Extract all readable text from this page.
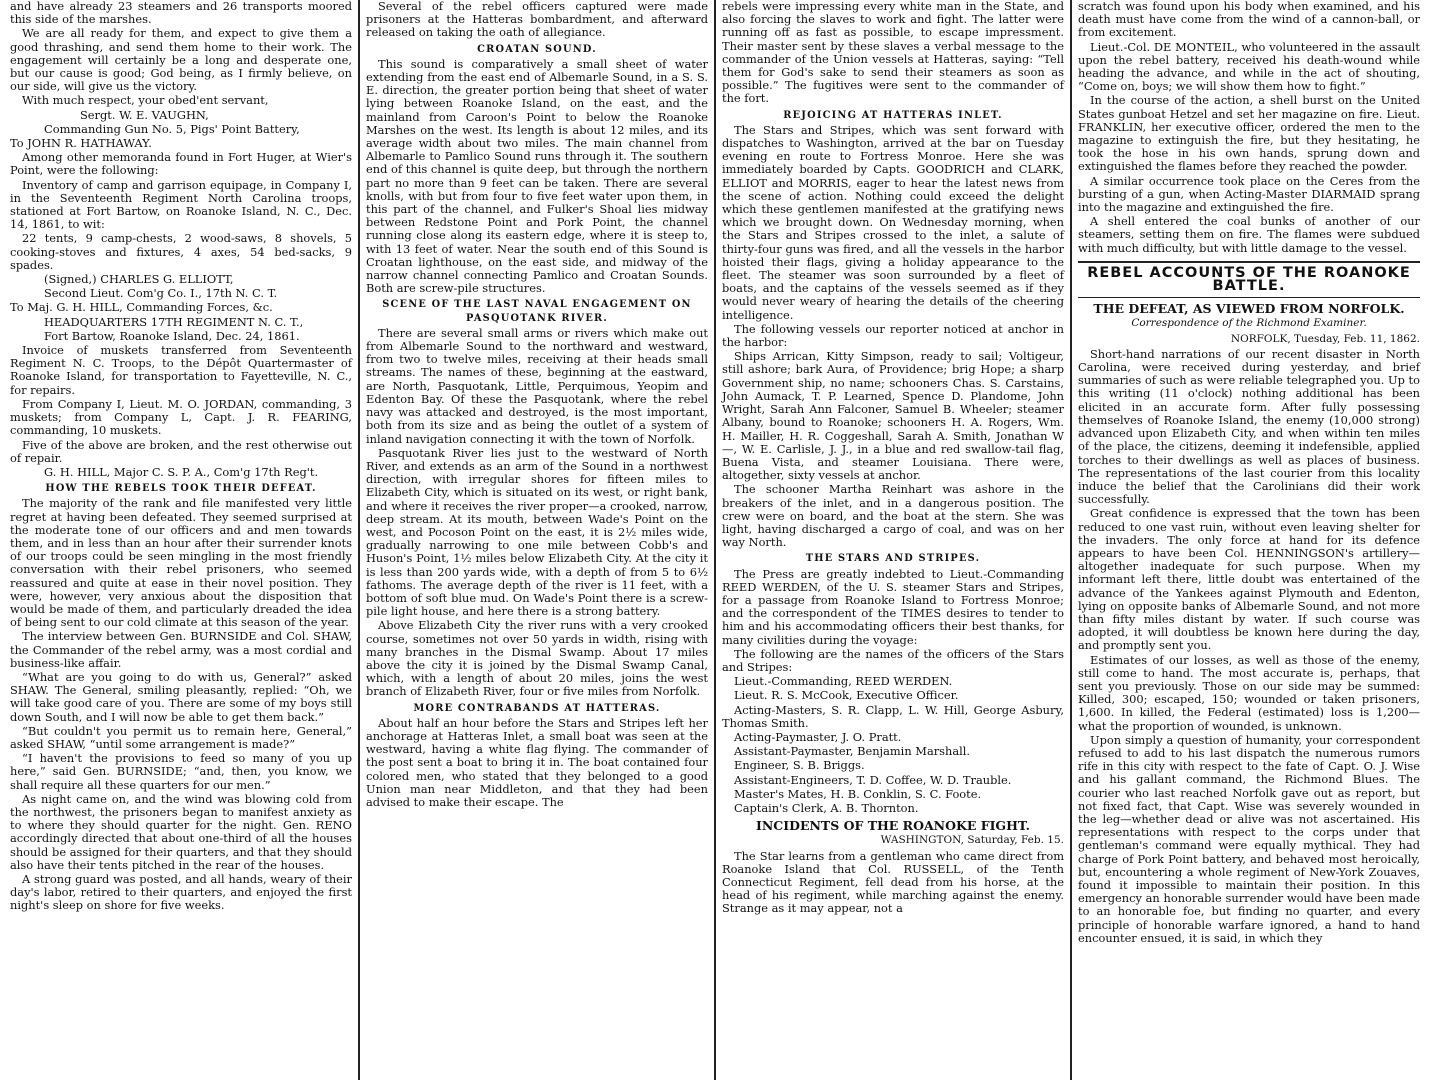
and have already 23 steamers and 26 transports moored this side of the marshes.

We are all ready for them, and expect to give them a good thrashing, and send them home to their work. The engagement will certainly be a long and desperate one, but our cause is good; God being, as I firmly believe, on our side, will give us the victory.

With much respect, your obed'ent servant,

Sergt. W. E. VAUGHN,

Commanding Gun No. 5, Pigs' Point Battery,

To JOHN R. HATHAWAY.

Among other memoranda found in Fort Huger, at Wier's Point, were the following:

Inventory of camp and garrison equipage, in Company I, in the Seventeenth Regiment North Carolina troops, stationed at Fort Bartow, on Roanoke Island, N. C., Dec. 14, 1861, to wit:

22 tents, 9 camp-chests, 2 wood-saws, 8 shovels, 5 cooking-stoves and fixtures, 4 axes, 54 bed-sacks, 9 spades.

(Signed,) CHARLES G. ELLIOTT,

Second Lieut. Com'g Co. I., 17th N. C. T.

To Maj. G. H. HILL, Commanding Forces, &c.

HEADQUARTERS 17TH REGIMENT N. C. T.,

Fort Bartow, Roanoke Island, Dec. 24, 1861.

Invoice of muskets transferred from Seventeenth Regiment N. C. Troops, to the Dépôt Quartermaster of Roanoke Island, for transportation to Fayetteville, N. C., for repairs.

From Company I, Lieut. M. O. JORDAN, commanding, 3 muskets; from Company L, Capt. J. R. FEARING, commanding, 10 muskets.

Five of the above are broken, and the rest otherwise out of repair.

G. H. HILL, Major C. S. P. A., Com'g 17th Reg't.

HOW THE REBELS TOOK THEIR DEFEAT.

The majority of the rank and file manifested very little regret at having been defeated. They seemed surprised at the moderate tone of our officers and and men towards them, and in less than an hour after their surrender knots of our troops could be seen mingling in the most friendly conversation with their rebel prisoners, who seemed reassured and quite at ease in their novel position. They were, however, very anxious about the disposition that would be made of them, and particularly dreaded the idea of being sent to our cold climate at this season of the year.

The interview between Gen. BURNSIDE and Col. SHAW, the Commander of the rebel army, was a most cordial and business-like affair.

“What are you going to do with us, General?” asked SHAW. The General, smiling pleasantly, replied: “Oh, we will take good care of you. There are some of my boys still down South, and I will now be able to get them back.”

“But couldn't you permit us to remain here, General,” asked SHAW, “until some arrangement is made?”

“I haven't the provisions to feed so many of you up here,” said Gen. BURNSIDE; “and, then, you know, we shall require all these quarters for our men.”

As night came on, and the wind was blowing cold from the northwest, the prisoners began to manifest anxiety as to where they should quarter for the night. Gen. RENO accordingly directed that about one-third of all the houses should be assigned for their quarters, and that they should also have their tents pitched in the rear of the houses.

A strong guard was posted, and all hands, weary of their day's labor, retired to their quarters, and enjoyed the first night's sleep on shore for five weeks.

Several of the rebel officers captured were made prisoners at the Hatteras bombardment, and afterward released on taking the oath of allegiance.

CROATAN SOUND.

This sound is comparatively a small sheet of water extending from the east end of Albemarle Sound, in a S. S. E. direction, the greater portion being that sheet of water lying between Roanoke Island, on the east, and the mainland from Caroon's Point to below the Roanoke Marshes on the west. Its length is about 12 miles, and its average width about two miles. The main channel from Albemarle to Pamlico Sound runs through it. The southern end of this channel is quite deep, but through the northern part no more than 9 feet can be taken. There are several knolls, with but from four to five feet water upon them, in this part of the channel, and Fulker's Shoal lies midway between Redstone Point and Pork Point, the channel running close along its eastern edge, where it is steep to, with 13 feet of water. Near the south end of this Sound is Croatan lighthouse, on the east side, and midway of the narrow channel connecting Pamlico and Croatan Sounds. Both are screw-pile structures.

SCENE OF THE LAST NAVAL ENGAGEMENT ON PASQUOTANK RIVER.

There are several small arms or rivers which make out from Albemarle Sound to the northward and westward, from two to twelve miles, receiving at their heads small streams. The names of these, beginning at the eastward, are North, Pasquotank, Little, Perquimous, Yeopim and Edenton Bay. Of these the Pasquotank, where the rebel navy was attacked and destroyed, is the most important, both from its size and as being the outlet of a system of inland navigation connecting it with the town of Norfolk.

Pasquotank River lies just to the westward of North River, and extends as an arm of the Sound in a northwest direction, with irregular shores for fifteen miles to Elizabeth City, which is situated on its west, or right bank, and where it receives the river proper—a crooked, narrow, deep stream. At its mouth, between Wade's Point on the west, and Pocoson Point on the east, it is 2½ miles wide, gradually narrowing to one mile between Cobb's and Huson's Point, 1½ miles below Elizabeth City. At the city it is less than 200 yards wide, with a depth of from 5 to 6½ fathoms. The average depth of the river is 11 feet, with a bottom of soft blue mud. On Wade's Point there is a screw-pile light house, and here there is a strong battery.

Above Elizabeth City the river runs with a very crooked course, sometimes not over 50 yards in width, rising with many branches in the Dismal Swamp. About 17 miles above the city it is joined by the Dismal Swamp Canal, which, with a length of about 20 miles, joins the west branch of Elizabeth River, four or five miles from Norfolk.

MORE CONTRABANDS AT HATTERAS.

About half an hour before the Stars and Stripes left her anchorage at Hatteras Inlet, a small boat was seen at the westward, having a white flag flying. The commander of the post sent a boat to bring it in. The boat contained four colored men, who stated that they belonged to a good Union man near Middleton, and that they had been advised to make their escape. The

rebels were impressing every white man in the State, and also forcing the slaves to work and fight. The latter were running off as fast as possible, to escape impressment. Their master sent by these slaves a verbal message to the commander of the Union vessels at Hatteras, saying: “Tell them for God's sake to send their steamers as soon as possible.” The fugitives were sent to the commander of the fort.

REJOICING AT HATTERAS INLET.

The Stars and Stripes, which was sent forward with dispatches to Washington, arrived at the bar on Tuesday evening en route to Fortress Monroe. Here she was immediately boarded by Capts. GOODRICH and CLARK, ELLIOT and MORRIS, eager to hear the latest news from the scene of action. Nothing could exceed the delight which these gentlemen manifested at the gratifying news which we brought down. On Wednesday morning, when the Stars and Stripes crossed to the inlet, a salute of thirty-four guns was fired, and all the vessels in the harbor hoisted their flags, giving a holiday appearance to the fleet. The steamer was soon surrounded by a fleet of boats, and the captains of the vessels seemed as if they would never weary of hearing the details of the cheering intelligence.

The following vessels our reporter noticed at anchor in the harbor:

Ships Arrican, Kitty Simpson, ready to sail; Voltigeur, still ashore; bark Aura, of Providence; brig Hope; a sharp Government ship, no name; schooners Chas. S. Carstains, John Aumack, T. P. Learned, Spence D. Plandome, John Wright, Sarah Ann Falconer, Samuel B. Wheeler; steamer Albany, bound to Roanoke; schooners H. A. Rogers, Wm. H. Mailler, H. R. Coggeshall, Sarah A. Smith, Jonathan W—, W. E. Carlisle, J. J., in a blue and red swallow-tail flag, Buena Vista, and steamer Louisiana. There were, altogether, sixty vessels at anchor.

The schooner Martha Reinhart was ashore in the breakers of the inlet, and in a dangerous position. The crew were on board, and the boat at the stern. She was light, having discharged a cargo of coal, and was on her way North.

THE STARS AND STRIPES.

The Press are greatly indebted to Lieut.-Commanding REED WERDEN, of the U. S. steamer Stars and Stripes, for a passage from Roanoke Island to Fortress Monroe; and the correspondent of the TIMES desires to tender to him and his accommodating officers their best thanks, for many civilities during the voyage:

The following are the names of the officers of the Stars and Stripes:

Lieut.-Commanding, REED WERDEN.

Lieut. R. S. McCook, Executive Officer.

Acting-Masters, S. R. Clapp, L. W. Hill, George Asbury, Thomas Smith.

Acting-Paymaster, J. O. Pratt.

Assistant-Paymaster, Benjamin Marshall.

Engineer, S. B. Briggs.

Assistant-Engineers, T. D. Coffee, W. D. Trauble.

Master's Mates, H. B. Conklin, S. C. Foote.

Captain's Clerk, A. B. Thornton.

INCIDENTS OF THE ROANOKE FIGHT.
WASHINGTON, Saturday, Feb. 15.

The Star learns from a gentleman who came direct from Roanoke Island that Col. RUSSELL, of the Tenth Connecticut Regiment, fell dead from his horse, at the head of his regiment, while marching against the enemy. Strange as it may appear, not a

scratch was found upon his body when examined, and his death must have come from the wind of a cannon-ball, or from excitement.

Lieut.-Col. DE MONTEIL, who volunteered in the assault upon the rebel battery, received his death-wound while heading the advance, and while in the act of shouting, “Come on, boys; we will show them how to fight.”

In the course of the action, a shell burst on the United States gunboat Hetzel and set her magazine on fire. Lieut. FRANKLIN, her executive officer, ordered the men to the magazine to extinguish the fire, but they hesitating, he took the hose in his own hands, sprung down and extinguished the flames before they reached the powder.

A similar occurrence took place on the Ceres from the bursting of a gun, when Acting-Master DIARMAID sprang into the magazine and extinguished the fire.

A shell entered the coal bunks of another of our steamers, setting them on fire. The flames were subdued with much difficulty, but with little damage to the vessel.

REBEL ACCOUNTS OF THE ROANOKE BATTLE.
THE DEFEAT, AS VIEWED FROM NORFOLK.
Correspondence of the Richmond Examiner.
NORFOLK, Tuesday, Feb. 11, 1862.

Short-hand narrations of our recent disaster in North Carolina, were received during yesterday, and brief summaries of such as were reliable telegraphed you. Up to this writing (11 o'clock) nothing additional has been elicited in an accurate form. After fully possessing themselves of Roanoke Island, the enemy (10,000 strong) advanced upon Elizabeth City, and when within ten miles of the place, the citizens, deeming it indefensible, applied torches to their dwellings as well as places of business. The representations of the last courier from this locality induce the belief that the Carolinians did their work successfully.

Great confidence is expressed that the town has been reduced to one vast ruin, without even leaving shelter for the invaders. The only force at hand for its defence appears to have been Col. HENNINGSON's artillery—altogether inadequate for such purpose. When my informant left there, little doubt was entertained of the advance of the Yankees against Plymouth and Edenton, lying on opposite banks of Albemarle Sound, and not more than fifty miles distant by water. If such course was adopted, it will doubtless be known here during the day, and promptly sent you.

Estimates of our losses, as well as those of the enemy, still come to hand. The most accurate is, perhaps, that sent you previously. Those on our side may be summed: Killed, 300; escaped, 150; wounded or taken prisoners, 1,600. In killed, the Federal (estimated) loss is 1,200—what the proportion of wounded, is unknown.

Upon simply a question of humanity, your correspondent refused to add to his last dispatch the numerous rumors rife in this city with respect to the fate of Capt. O. J. Wise and his gallant command, the Richmond Blues. The courier who last reached Norfolk gave out as report, but not fixed fact, that Capt. Wise was severely wounded in the leg—whether dead or alive was not ascertained. His representations with respect to the corps under that gentleman's command were equally mythical. They had charge of Pork Point battery, and behaved most heroically, but, encountering a whole regiment of New-York Zouaves, found it impossible to maintain their position. In this emergency an honorable surrender would have been made to an honorable foe, but finding no quarter, and every principle of honorable warfare ignored, a hand to hand encounter ensued, it is said, in which they
